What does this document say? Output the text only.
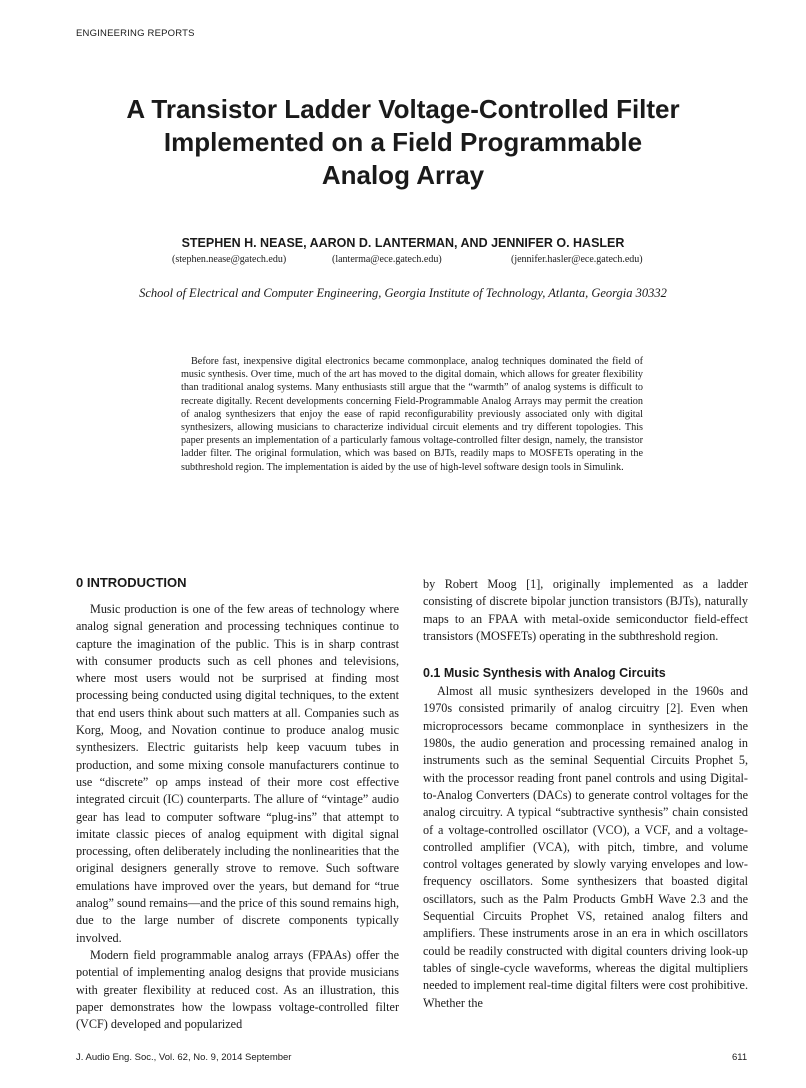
ENGINEERING REPORTS
A Transistor Ladder Voltage-Controlled Filter
Implemented on a Field Programmable
Analog Array
STEPHEN H. NEASE, AARON D. LANTERMAN, AND JENNIFER O. HASLER
(stephen.nease@gatech.edu)	(lanterma@ece.gatech.edu)	(jennifer.hasler@ece.gatech.edu)
School of Electrical and Computer Engineering, Georgia Institute of Technology, Atlanta, Georgia 30332

Before fast, inexpensive digital electronics became commonplace, analog techniques dominated the field of music synthesis. Over time, much of the art has moved to the digital domain, which allows for greater flexibility than traditional analog systems. Many enthusiasts still argue that the “warmth” of analog systems is difficult to recreate digitally. Recent developments concerning Field-Programmable Analog Arrays may permit the creation of analog synthesizers that enjoy the ease of rapid reconfigurability previously associated only with digital synthesizers, allowing musicians to characterize individual circuit elements and try different topologies. This paper presents an implementation of a particularly famous voltage-controlled filter design, namely, the transistor ladder filter. The original formulation, which was based on BJTs, readily maps to MOSFETs operating in the subthreshold region. The implementation is aided by the use of high-level software design tools in Simulink.

0 INTRODUCTION

Music production is one of the few areas of technology where analog signal generation and processing techniques continue to capture the imagination of the public. This is in sharp contrast with consumer products such as cell phones and televisions, where most users would not be surprised at finding most processing being conducted using digital techniques, to the extent that end users think about such matters at all. Companies such as Korg, Moog, and Novation continue to produce analog music synthesizers. Electric guitarists help keep vacuum tubes in production, and some mixing console manufacturers continue to use “discrete” op amps instead of their more cost effective integrated circuit (IC) counterparts. The allure of “vintage” audio gear has lead to computer software “plug-ins” that attempt to imitate classic pieces of analog equipment with digital signal processing, often deliberately including the nonlinearities that the original designers generally strove to remove. Such software emulations have improved over the years, but demand for “true analog” sound remains—and the price of this sound remains high, due to the large number of discrete components typically involved.

Modern field programmable analog arrays (FPAAs) offer the potential of implementing analog designs that provide musicians with greater flexibility at reduced cost. As an illustration, this paper demonstrates how the lowpass voltage-controlled filter (VCF) developed and popularized

by Robert Moog [1], originally implemented as a ladder consisting of discrete bipolar junction transistors (BJTs), naturally maps to an FPAA with metal-oxide semiconductor field-effect transistors (MOSFETs) operating in the subthreshold region.

0.1 Music Synthesis with Analog Circuits

Almost all music synthesizers developed in the 1960s and 1970s consisted primarily of analog circuitry [2]. Even when microprocessors became commonplace in synthesizers in the 1980s, the audio generation and processing remained analog in instruments such as the seminal Sequential Circuits Prophet 5, with the processor reading front panel controls and using Digital-to-Analog Converters (DACs) to generate control voltages for the analog circuitry. A typical “subtractive synthesis” chain consisted of a voltage-controlled oscillator (VCO), a VCF, and a voltage-controlled amplifier (VCA), with pitch, timbre, and volume control voltages generated by slowly varying envelopes and low-frequency oscillators. Some synthesizers that boasted digital oscillators, such as the Palm Products GmbH Wave 2.3 and the Sequential Circuits Prophet VS, retained analog filters and amplifiers. These instruments arose in an era in which oscillators could be readily constructed with digital counters driving look-up tables of single-cycle waveforms, whereas the digital multipliers needed to implement real-time digital filters were cost prohibitive. Whether the

J. Audio Eng. Soc., Vol. 62, No. 9, 2014 September	611
